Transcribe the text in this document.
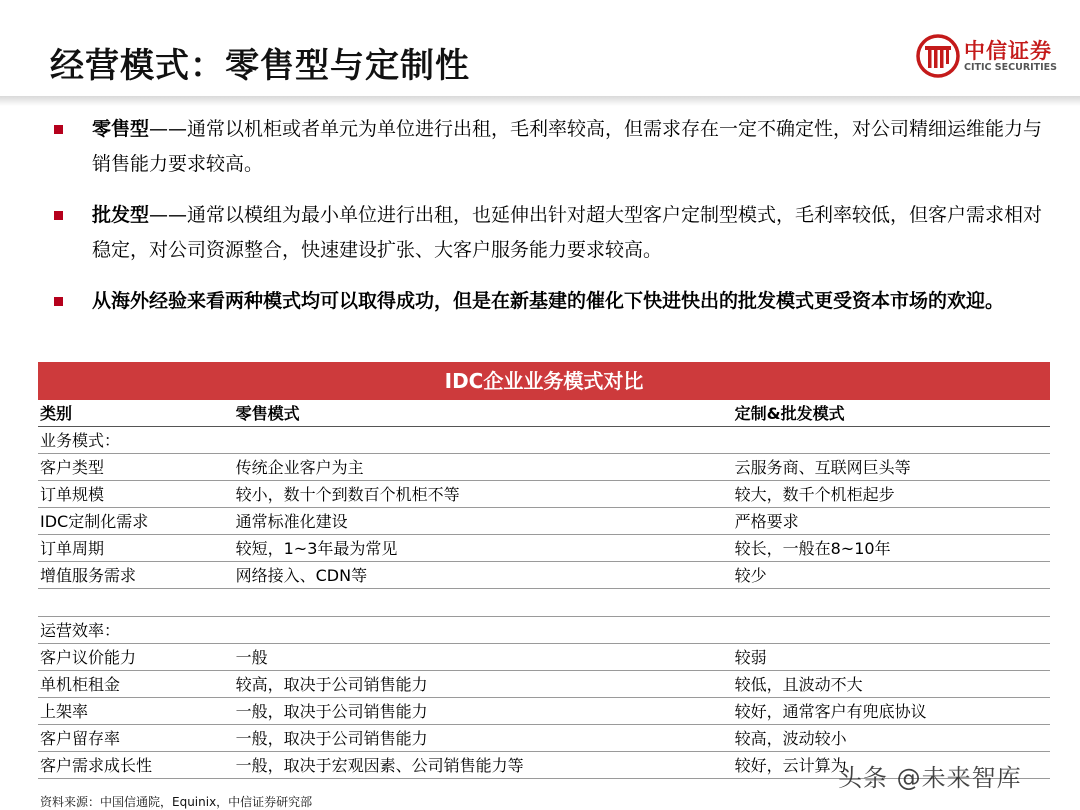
经营模式：零售型与定制性	中信证券
CITIC SECURITIES
零售型——通常以机柜或者单元为单位进行出租，毛利率较高，但需求存在一定不确定性，对公司精细运维能力与销售能力要求较高。
批发型——通常以模组为最小单位进行出租，也延伸出针对超大型客户定制型模式，毛利率较低，但客户需求相对稳定，对公司资源整合，快速建设扩张、大客户服务能力要求较高。
从海外经验来看两种模式均可以取得成功，但是在新基建的催化下快进快出的批发模式更受资本市场的欢迎。
IDC企业业务模式对比
类别	零售模式	定制&批发模式
业务模式：
客户类型	传统企业客户为主	云服务商、互联网巨头等
订单规模	较小，数十个到数百个机柜不等	较大，数千个机柜起步
IDC定制化需求	通常标准化建设	严格要求
订单周期	较短，1~3年最为常见	较长，一般在8~10年
增值服务需求	网络接入、CDN等	较少
运营效率：
客户议价能力	一般	较弱
单机柜租金	较高，取决于公司销售能力	较低，且波动不大
上架率	一般，取决于公司销售能力	较好，通常客户有兜底协议
客户留存率	一般，取决于公司销售能力	较高，波动较小
客户需求成长性	一般，取决于宏观因素、公司销售能力等	较好，云计算为
资料来源：中国信通院，Equinix，中信证券研究部
头条 @未来智库
